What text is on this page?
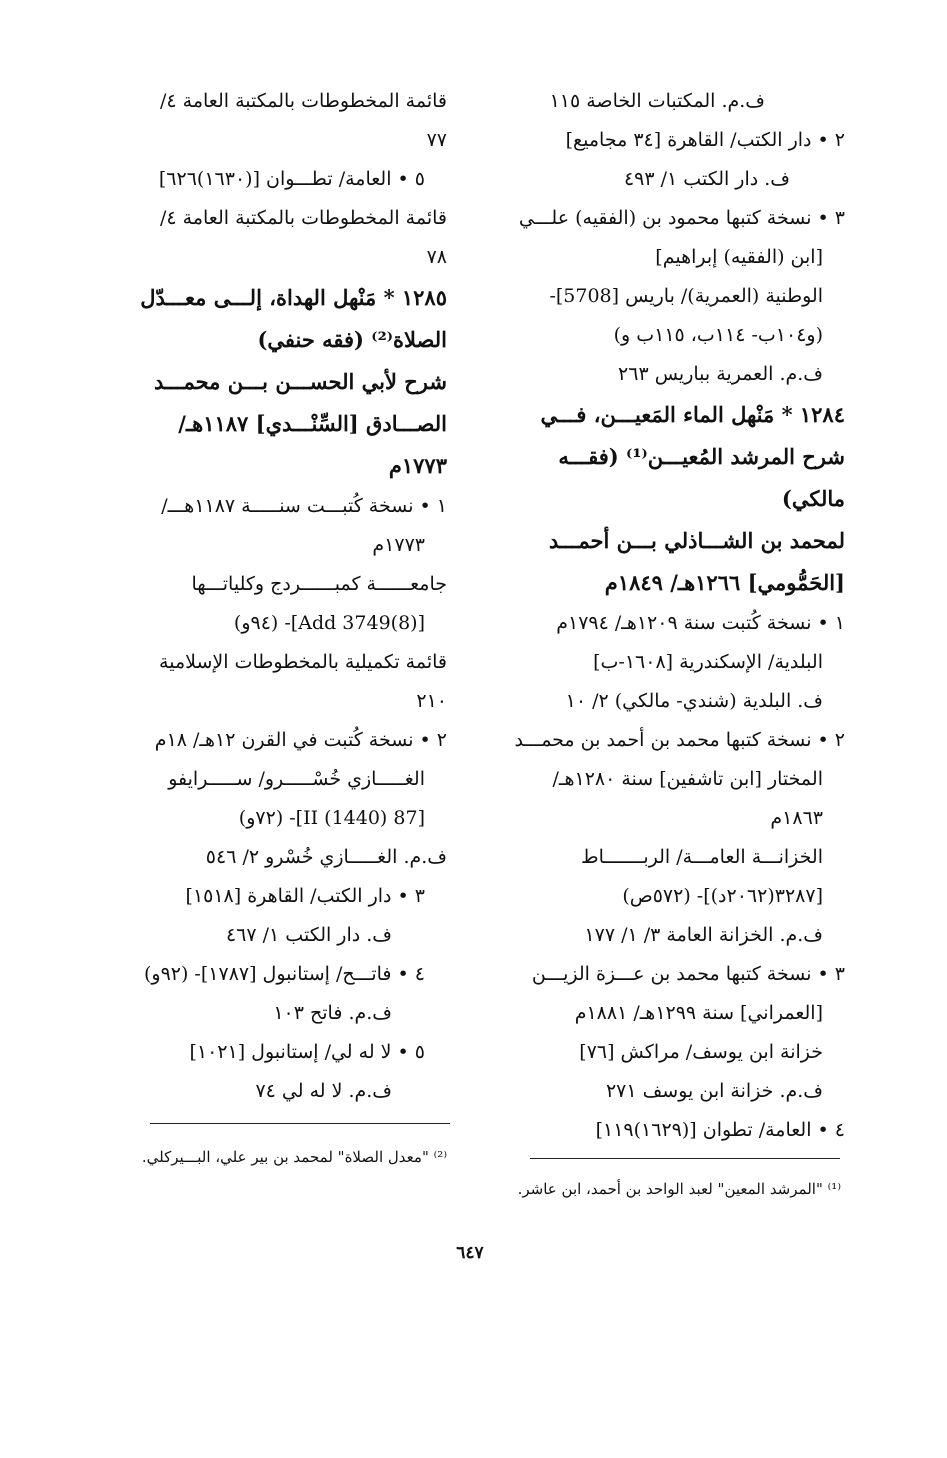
ف.م. المكتبات الخاصة ١١٥
٢ • دار الكتب/ القاهرة [٣٤ مجاميع]
ف. دار الكتب ١/ ٤٩٣
٣ • نسخة كتبها محمود بن (الفقيه) علـــي
[ابن (الفقيه) إبراهيم]
الوطنية (العمرية)/ باريس [5708]-
(و١٠٤ب- ١١٤ب، ١١٥ب و)
ف.م. العمرية بباريس ٢٦٣
١٢٨٤ * مَنْهل الماء المَعيـــن، فـــي
شرح المرشد المُعيـــن⁽¹⁾ (فقـــه
مالكي)
لمحمد بن الشـــاذلي بـــن أحمـــد
[الحَمُّومي] ١٢٦٦هـ/ ١٨٤٩م
١ • نسخة كُتبت سنة ١٢٠٩هـ/ ١٧٩٤م
البلدية/ الإسكندرية [١٦٠٨-ب]
ف. البلدية (شندي- مالكي) ٢/ ١٠
٢ • نسخة كتبها محمد بن أحمد بن محمـــد
المختار [ابن تاشفين] سنة ١٢٨٠هـ/
١٨٦٣م
الخزانـــة العامـــة/ الربـــــــاط
[٣٢٨٧(٢٠٦٢د)]- (٥٧٢ص)
ف.م. الخزانة العامة ٣/ ١/ ١٧٧
٣ • نسخة كتبها محمد بن عـــزة الزيـــن
[العمراني] سنة ١٢٩٩هـ/ ١٨٨١م
خزانة ابن يوسف/ مراكش [٧٦]
ف.م. خزانة ابن يوسف ٢٧١
٤ • العامة/ تطوان [(١٦٢٩)١١٩]
قائمة المخطوطات بالمكتبة العامة ٤/
٧٧
٥ • العامة/ تطـــوان [(١٦٣٠)٦٢٦]
قائمة المخطوطات بالمكتبة العامة ٤/
٧٨
١٢٨٥ * مَنْهل الهداة، إلـــى معـــدّل
الصلاة⁽²⁾ (فقه حنفي)
شرح لأبي الحســـن بـــن محمـــد
الصـــادق [السِّنْـــدي] ١١٨٧هـ/
١٧٧٣م
١ • نسخة كُتبـــت سنـــــة ١١٨٧هـــ/
١٧٧٣م
جامعــــــة كمبــــــردج وكلياتـــها
[Add 3749(8)]- (٩٤و)
قائمة تكميلية بالمخطوطات الإسلامية
٢١٠
٢ • نسخة كُتبت في القرن ١٢هـ/ ١٨م
الغـــــازي خُسْـــــرو/ ســـــرايفو
[87 II (1440)]- (٧٢و)
ف.م. الغـــــازي خُسْرو ٢/ ٥٤٦
٣ • دار الكتب/ القاهرة [١٥١٨]
ف. دار الكتب ١/ ٤٦٧
٤ • فاتـــح/ إستانبول [١٧٨٧]- (٩٢و)
ف.م. فاتح ١٠٣
٥ • لا له لي/ إستانبول [١٠٢١]
ف.م. لا له لي ٧٤
⁽²⁾ "معدل الصلاة" لمحمد بن بير علي، البـــيركلي.
⁽¹⁾ "المرشد المعين" لعبد الواحد بن أحمد، ابن عاشر.
٦٤٧
